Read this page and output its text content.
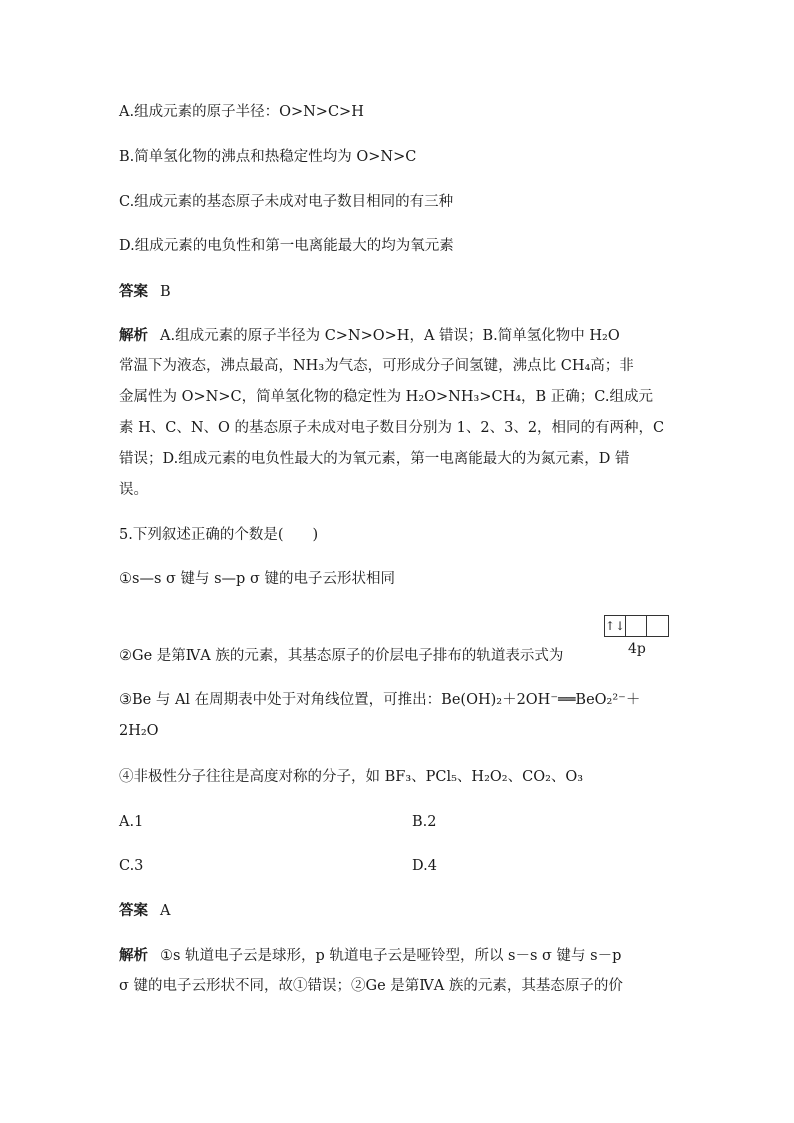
A.组成元素的原子半径：O>N>C>H
B.简单氢化物的沸点和热稳定性均为 O>N>C
C.组成元素的基态原子未成对电子数目相同的有三种
D.组成元素的电负性和第一电离能最大的均为氧元素
答案 B
解析 A.组成元素的原子半径为 C>N>O>H，A 错误；B.简单氢化物中 H₂O
常温下为液态，沸点最高，NH₃为气态，可形成分子间氢键，沸点比 CH₄高；非
金属性为 O>N>C，简单氢化物的稳定性为 H₂O>NH₃>CH₄，B 正确；C.组成元
素 H、C、N、O 的基态原子未成对电子数目分别为 1、2、3、2，相同的有两种，C
错误；D.组成元素的电负性最大的为氧元素，第一电离能最大的为氮元素，D 错
误。
5.下列叙述正确的个数是(　　)
①s—s σ 键与 s—p σ 键的电子云形状相同
↑↓
4p
②Ge 是第ⅣA 族的元素，其基态原子的价层电子排布的轨道表示式为
③Be 与 Al 在周期表中处于对角线位置，可推出：Be(OH)₂＋2OH⁻══BeO₂²⁻＋
2H₂O
④非极性分子往往是高度对称的分子，如 BF₃、PCl₅、H₂O₂、CO₂、O₃
A.1	B.2
C.3	D.4
答案 A
解析 ①s 轨道电子云是球形，p 轨道电子云是哑铃型，所以 s－s σ 键与 s－p
σ 键的电子云形状不同，故①错误；②Ge 是第ⅣA 族的元素，其基态原子的价
